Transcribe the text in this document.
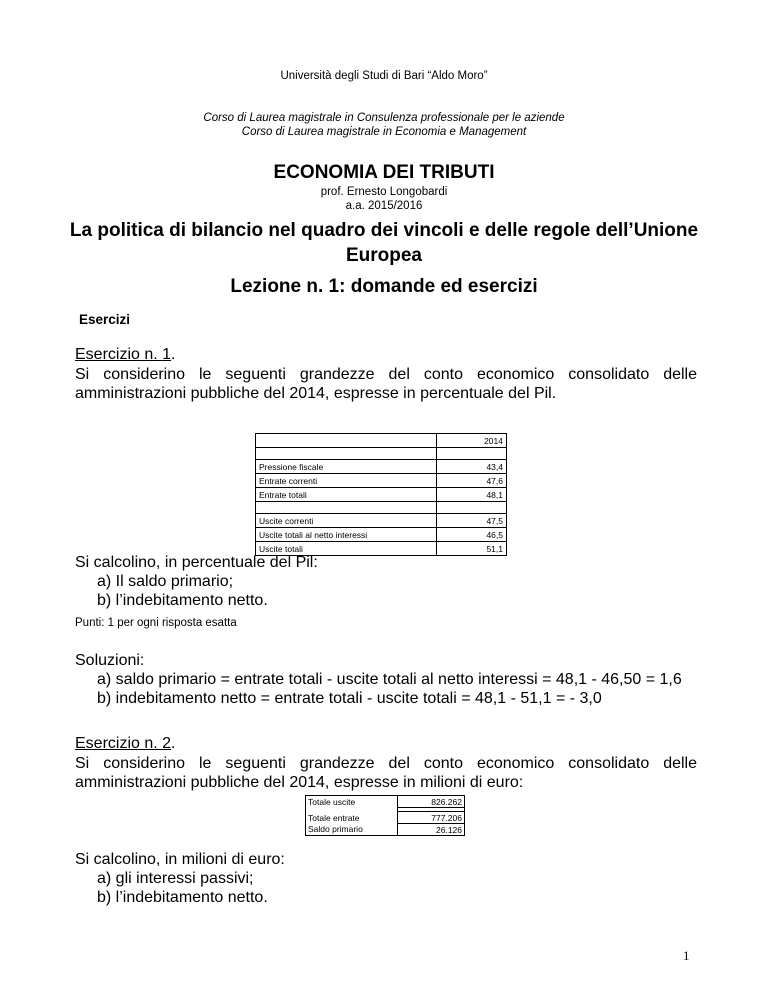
Università degli Studi di Bari “Aldo Moro”
Corso di Laurea magistrale in Consulenza professionale per le aziende
Corso di Laurea magistrale in Economia e Management
ECONOMIA DEI TRIBUTI
prof. Ernesto Longobardi
a.a. 2015/2016
La politica di bilancio nel quadro dei vincoli e delle regole dell’Unione
Europea
Lezione n. 1: domande ed esercizi
Esercizi
Esercizio n. 1.
Si considerino le seguenti grandezze del conto economico consolidato delle
amministrazioni pubbliche del 2014, espresse in percentuale del Pil.
	2014

Pressione fiscale	43,4
Entrate correnti	47,6
Entrate totali	48,1

Uscite correnti	47,5
Uscite totali al netto interessi	46,5
Uscite totali	51,1
Si calcolino, in percentuale del Pil:
a) Il saldo primario;
b) l’indebitamento netto.
Punti: 1 per ogni risposta esatta
Soluzioni:
a) saldo primario = entrate totali - uscite totali al netto interessi = 48,1 - 46,50 = 1,6
b) indebitamento netto = entrate totali - uscite totali = 48,1 - 51,1 = - 3,0
Esercizio n. 2.
Si considerino le seguenti grandezze del conto economico consolidato delle
amministrazioni pubbliche del 2014, espresse in milioni di euro:
Totale uscite	826.262

Totale entrate	777.206
Saldo primario	26.126
Si calcolino, in milioni di euro:
a) gli interessi passivi;
b) l’indebitamento netto.
1
